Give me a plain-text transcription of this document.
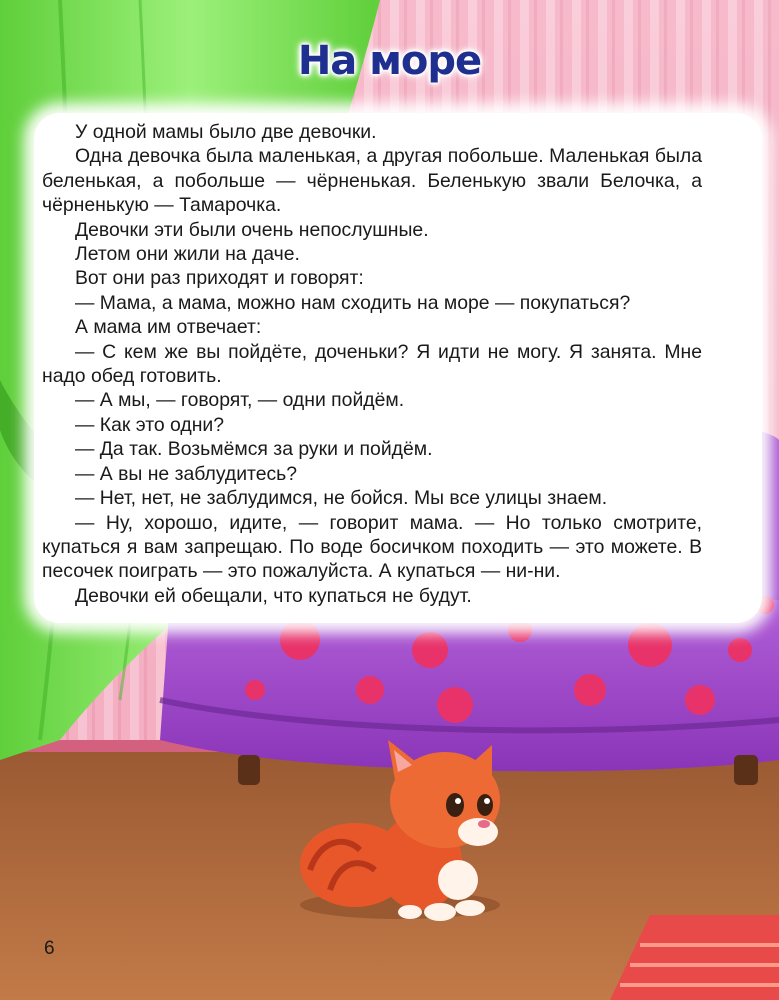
На море

У одной мамы было две девочки.

Одна девочка была маленькая, а другая побольше. Маленькая была беленькая, а побольше — чёрненькая. Беленькую звали Белочка, а чёрненькую — Тамарочка.

Девочки эти были очень непослушные.

Летом они жили на даче.

Вот они раз приходят и говорят:

— Мама, а мама, можно нам сходить на море — покупаться?

А мама им отвечает:

— С кем же вы пойдёте, доченьки? Я идти не могу. Я занята. Мне надо обед готовить.

— А мы, — говорят, — одни пойдём.

— Как это одни?

— Да так. Возьмёмся за руки и пойдём.

— А вы не заблудитесь?

— Нет, нет, не заблудимся, не бойся. Мы все улицы знаем.

— Ну, хорошо, идите, — говорит мама. — Но только смотрите, купаться я вам запрещаю. По воде босичком походить — это можете. В песочек поиграть — это пожалуйста. А купаться — ни-ни.

Девочки ей обещали, что купаться не будут.

6
